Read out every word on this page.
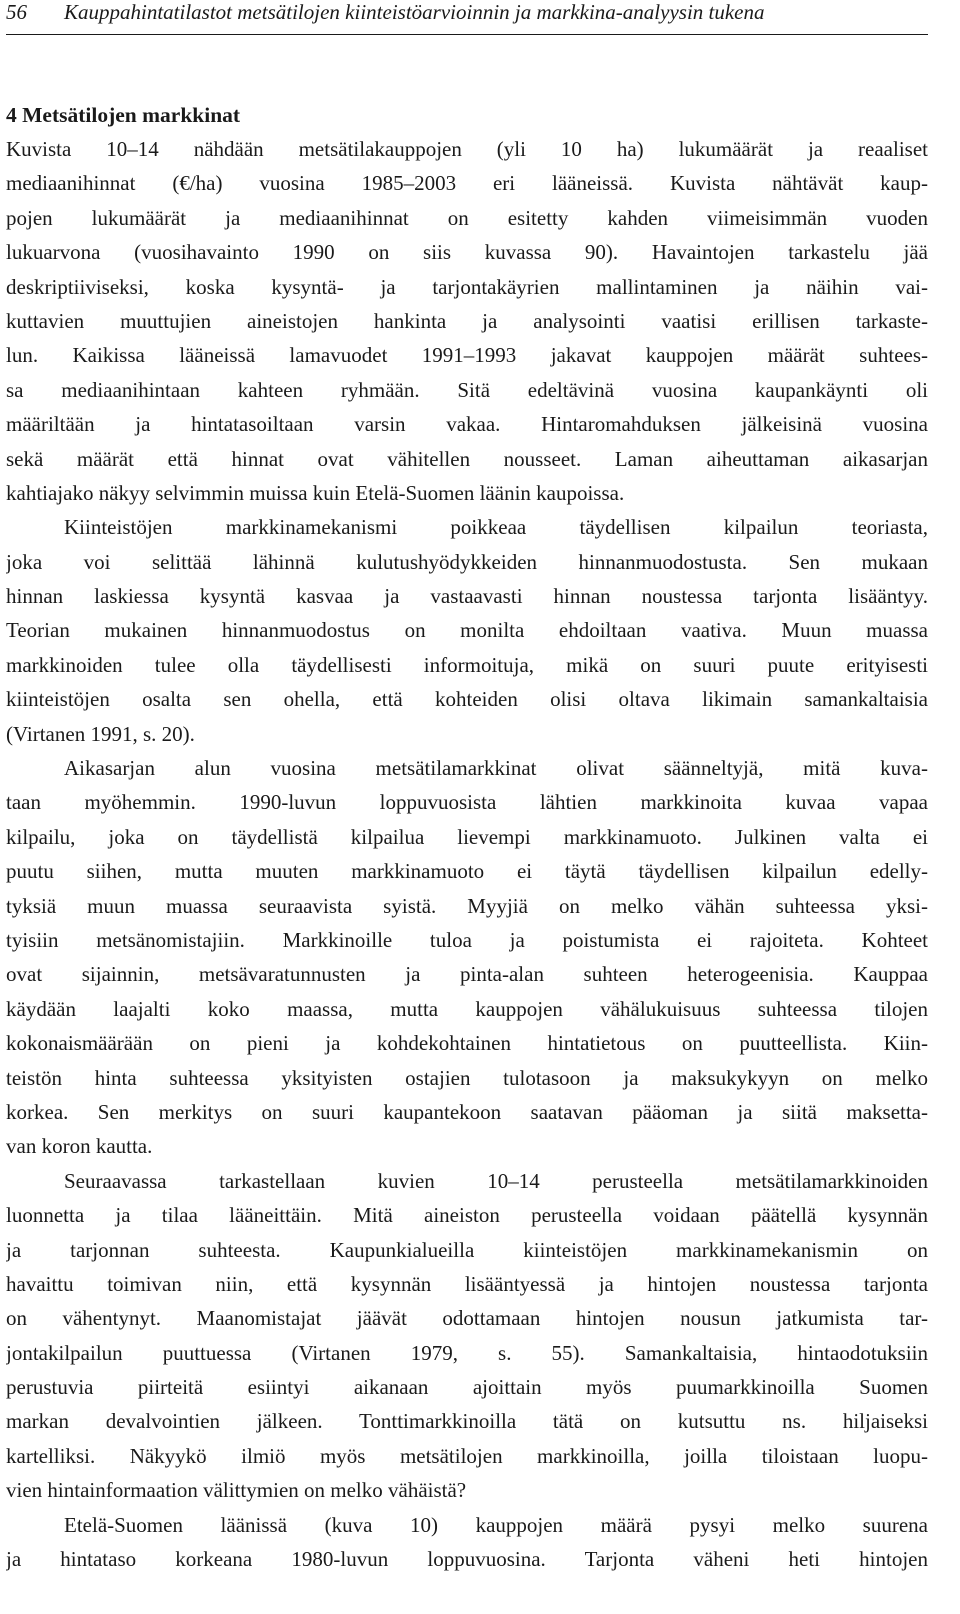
56 Kauppahintatilastot metsätilojen kiinteistöarvioinnin ja markkina-analyysin tukena
4 Metsätilojen markkinat
Kuvista 10–14 nähdään metsätilakauppojen (yli 10 ha) lukumäärät ja reaaliset
mediaanihinnat (€/ha) vuosina 1985–2003 eri lääneissä. Kuvista nähtävät kaup-
pojen lukumäärät ja mediaanihinnat on esitetty kahden viimeisimmän vuoden
lukuarvona (vuosihavainto 1990 on siis kuvassa 90). Havaintojen tarkastelu jää
deskriptiiviseksi, koska kysyntä- ja tarjontakäyrien mallintaminen ja näihin vai-
kuttavien muuttujien aineistojen hankinta ja analysointi vaatisi erillisen tarkaste-
lun. Kaikissa lääneissä lamavuodet 1991–1993 jakavat kauppojen määrät suhtees-
sa mediaanihintaan kahteen ryhmään. Sitä edeltävinä vuosina kaupankäynti oli
määriltään ja hintatasoiltaan varsin vakaa. Hintaromahduksen jälkeisinä vuosina
sekä määrät että hinnat ovat vähitellen nousseet. Laman aiheuttaman aikasarjan
kahtiajako näkyy selvimmin muissa kuin Etelä-Suomen läänin kaupoissa.
Kiinteistöjen markkinamekanismi poikkeaa täydellisen kilpailun teoriasta,
joka voi selittää lähinnä kulutushyödykkeiden hinnanmuodostusta. Sen mukaan
hinnan laskiessa kysyntä kasvaa ja vastaavasti hinnan noustessa tarjonta lisääntyy.
Teorian mukainen hinnanmuodostus on monilta ehdoiltaan vaativa. Muun muassa
markkinoiden tulee olla täydellisesti informoituja, mikä on suuri puute erityisesti
kiinteistöjen osalta sen ohella, että kohteiden olisi oltava likimain samankaltaisia
(Virtanen 1991, s. 20).
Aikasarjan alun vuosina metsätilamarkkinat olivat säänneltyjä, mitä kuva-
taan myöhemmin. 1990-luvun loppuvuosista lähtien markkinoita kuvaa vapaa
kilpailu, joka on täydellistä kilpailua lievempi markkinamuoto. Julkinen valta ei
puutu siihen, mutta muuten markkinamuoto ei täytä täydellisen kilpailun edelly-
tyksiä muun muassa seuraavista syistä. Myyjiä on melko vähän suhteessa yksi-
tyisiin metsänomistajiin. Markkinoille tuloa ja poistumista ei rajoiteta. Kohteet
ovat sijainnin, metsävaratunnusten ja pinta-alan suhteen heterogeenisia. Kauppaa
käydään laajalti koko maassa, mutta kauppojen vähälukuisuus suhteessa tilojen
kokonaismäärään on pieni ja kohdekohtainen hintatietous on puutteellista. Kiin-
teistön hinta suhteessa yksityisten ostajien tulotasoon ja maksukykyyn on melko
korkea. Sen merkitys on suuri kaupantekoon saatavan pääoman ja siitä maksetta-
van koron kautta.
Seuraavassa tarkastellaan kuvien 10–14 perusteella metsätilamarkkinoiden
luonnetta ja tilaa lääneittäin. Mitä aineiston perusteella voidaan päätellä kysynnän
ja tarjonnan suhteesta. Kaupunkialueilla kiinteistöjen markkinamekanismin on
havaittu toimivan niin, että kysynnän lisääntyessä ja hintojen noustessa tarjonta
on vähentynyt. Maanomistajat jäävät odottamaan hintojen nousun jatkumista tar-
jontakilpailun puuttuessa (Virtanen 1979, s. 55). Samankaltaisia, hintaodotuksiin
perustuvia piirteitä esiintyi aikanaan ajoittain myös puumarkkinoilla Suomen
markan devalvointien jälkeen. Tonttimarkkinoilla tätä on kutsuttu ns. hiljaiseksi
kartelliksi. Näkyykö ilmiö myös metsätilojen markkinoilla, joilla tiloistaan luopu-
vien hintainformaation välittymien on melko vähäistä?
Etelä-Suomen läänissä (kuva 10) kauppojen määrä pysyi melko suurena
ja hintataso korkeana 1980-luvun loppuvuosina. Tarjonta väheni heti hintojen
